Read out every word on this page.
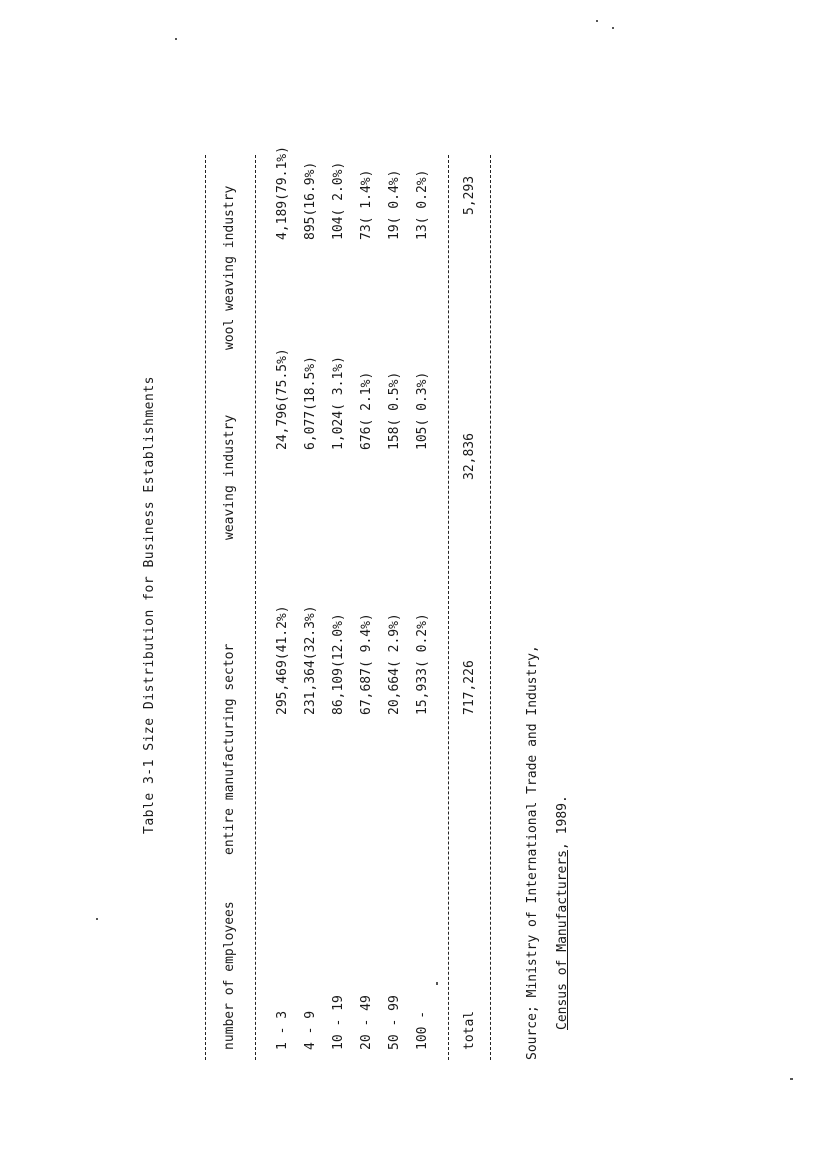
Table 3-1 Size Distribution for Business Establishments
number of employees
entire manufacturing sector
weaving industry
wool weaving industry
1 - 3
295,469(41.2%)
24,796(75.5%)
4,189(79.1%)
4 - 9
231,364(32.3%)
6,077(18.5%)
895(16.9%)
10 - 19
86,109(12.0%)
1,024( 3.1%)
104( 2.0%)
20 - 49
67,687( 9.4%)
676( 2.1%)
73( 1.4%)
50 - 99
20,664( 2.9%)
158( 0.5%)
19( 0.4%)
100 -
15,933( 0.2%)
105( 0.3%)
13( 0.2%)
total
717,226
32,836
5,293
Source; Ministry of International Trade and Industry, Census of Manufacturers, 1989.
